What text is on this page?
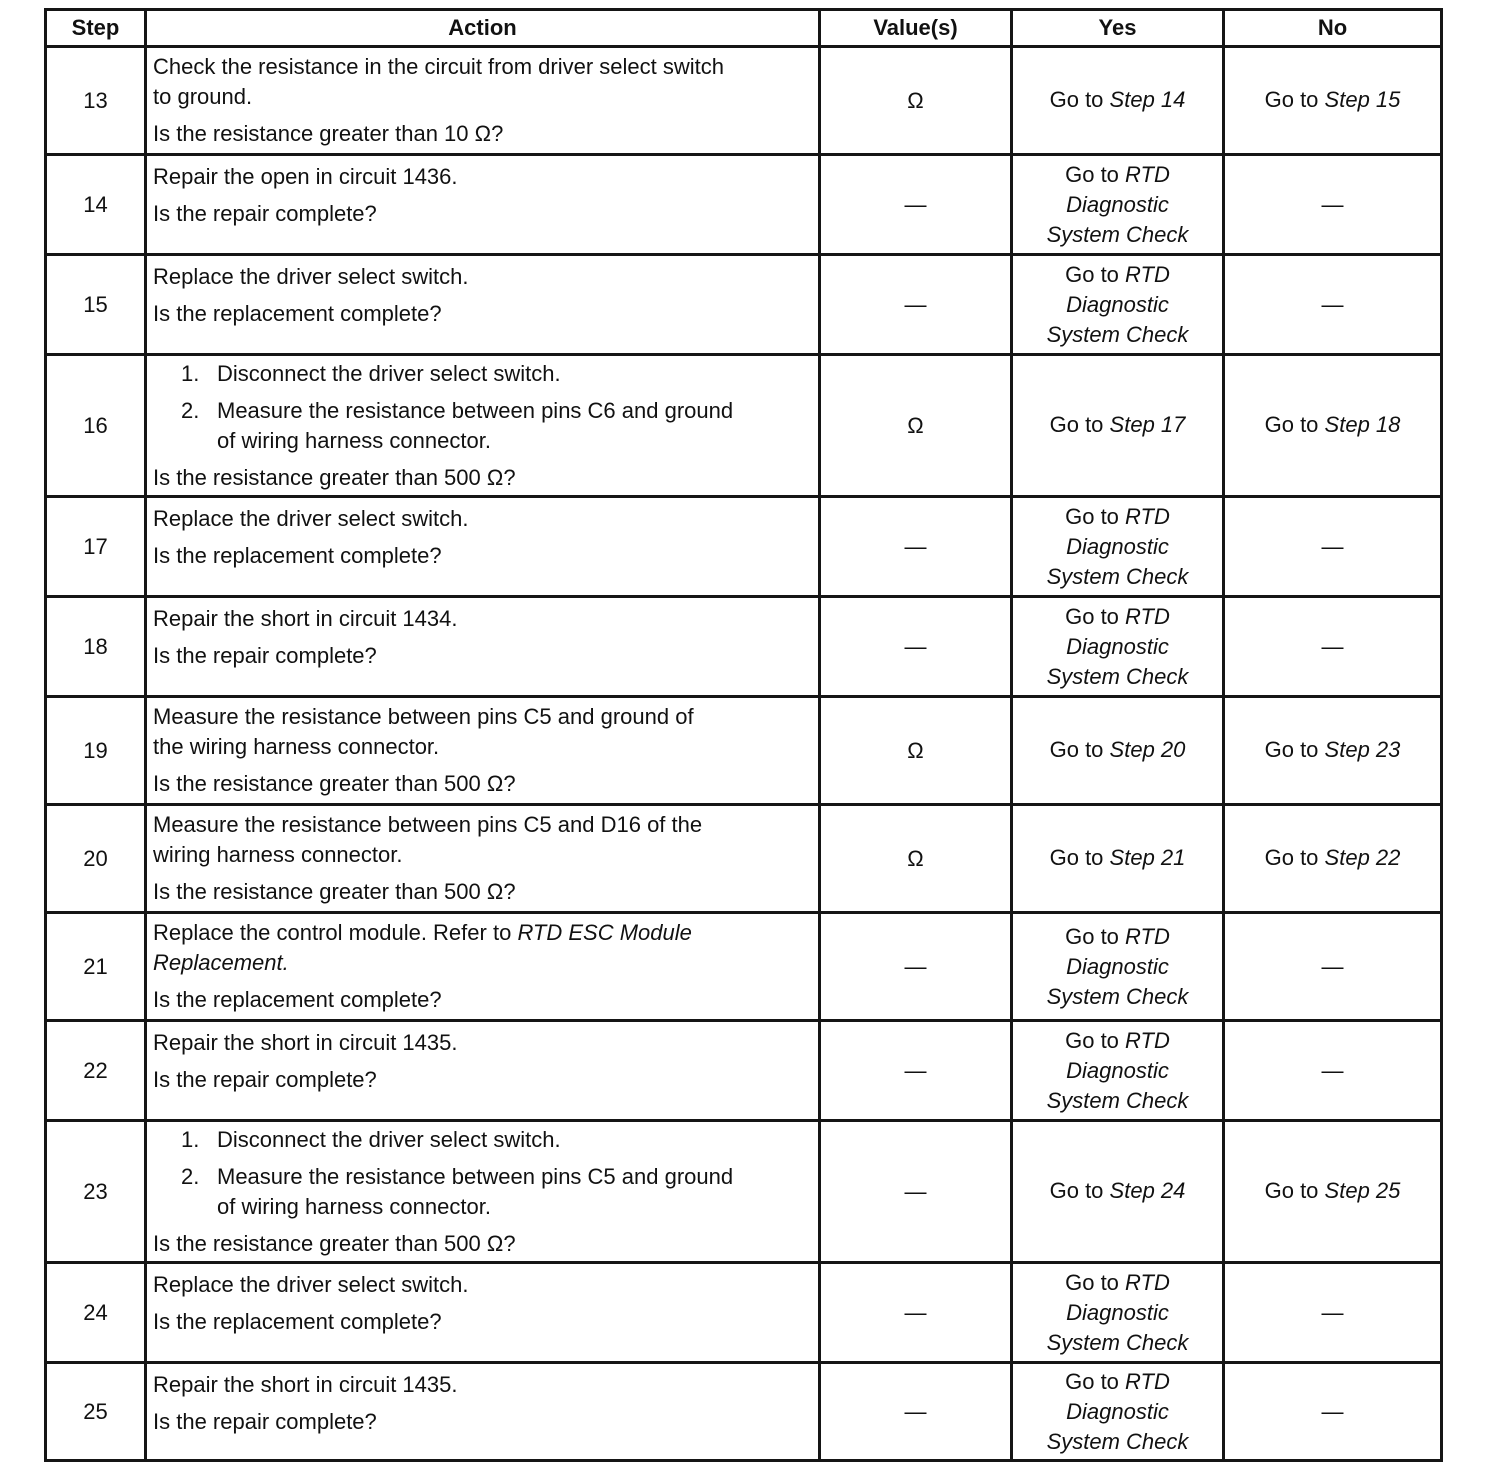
Step	Action	Value(s)	Yes	No
13	Check the resistance in the circuit from driver select switch
to ground.
Is the resistance greater than 10 Ω?	Ω	Go to Step 14	Go to Step 15
14	Repair the open in circuit 1436.
Is the repair complete?	—	Go to RTD
Diagnostic
System Check	—
15	Replace the driver select switch.
Is the replacement complete?	—	Go to RTD
Diagnostic
System Check	—
16	1. Disconnect the driver select switch.
2. Measure the resistance between pins C6 and ground
of wiring harness connector.
Is the resistance greater than 500 Ω?	Ω	Go to Step 17	Go to Step 18
17	Replace the driver select switch.
Is the replacement complete?	—	Go to RTD
Diagnostic
System Check	—
18	Repair the short in circuit 1434.
Is the repair complete?	—	Go to RTD
Diagnostic
System Check	—
19	Measure the resistance between pins C5 and ground of
the wiring harness connector.
Is the resistance greater than 500 Ω?	Ω	Go to Step 20	Go to Step 23
20	Measure the resistance between pins C5 and D16 of the
wiring harness connector.
Is the resistance greater than 500 Ω?	Ω	Go to Step 21	Go to Step 22
21	Replace the control module. Refer to RTD ESC Module
Replacement.
Is the replacement complete?	—	Go to RTD
Diagnostic
System Check	—
22	Repair the short in circuit 1435.
Is the repair complete?	—	Go to RTD
Diagnostic
System Check	—
23	1. Disconnect the driver select switch.
2. Measure the resistance between pins C5 and ground
of wiring harness connector.
Is the resistance greater than 500 Ω?	—	Go to Step 24	Go to Step 25
24	Replace the driver select switch.
Is the replacement complete?	—	Go to RTD
Diagnostic
System Check	—
25	Repair the short in circuit 1435.
Is the repair complete?	—	Go to RTD
Diagnostic
System Check	—
